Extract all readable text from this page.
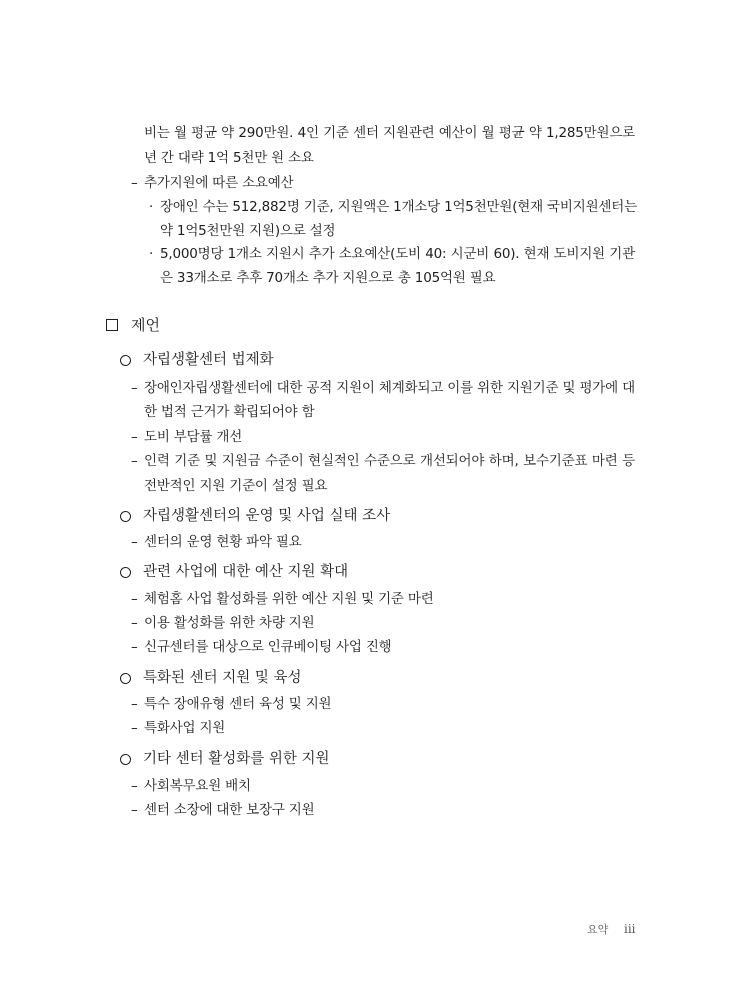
비는 월 평균 약 290만원. 4인 기준 센터 지원관련 예산이 월 평균 약 1,285만원으로
년 간 대략 1억 5천만 원 소요
– 추가지원에 따른 소요예산
· 장애인 수는 512,882명 기준, 지원액은 1개소당 1억5천만원(현재 국비지원센터는
약 1억5천만원 지원)으로 설정
· 5,000명당 1개소 지원시 추가 소요예산(도비 40: 시군비 60). 현재 도비지원 기관
은 33개소로 추후 70개소 추가 지원으로 총 105억원 필요
제언
자립생활센터 법제화
– 장애인자립생활센터에 대한 공적 지원이 체계화되고 이를 위한 지원기준 및 평가에 대
한 법적 근거가 확립되어야 함
– 도비 부담률 개선
– 인력 기준 및 지원금 수준이 현실적인 수준으로 개선되어야 하며, 보수기준표 마련 등
전반적인 지원 기준이 설정 필요
자립생활센터의 운영 및 사업 실태 조사
– 센터의 운영 현황 파악 필요
관련 사업에 대한 예산 지원 확대
– 체험홈 사업 활성화를 위한 예산 지원 및 기준 마련
– 이용 활성화를 위한 차량 지원
– 신규센터를 대상으로 인큐베이팅 사업 진행
특화된 센터 지원 및 육성
– 특수 장애유형 센터 육성 및 지원
– 특화사업 지원
기타 센터 활성화를 위한 지원
– 사회복무요원 배치
– 센터 소장에 대한 보장구 지원
요약 iii
